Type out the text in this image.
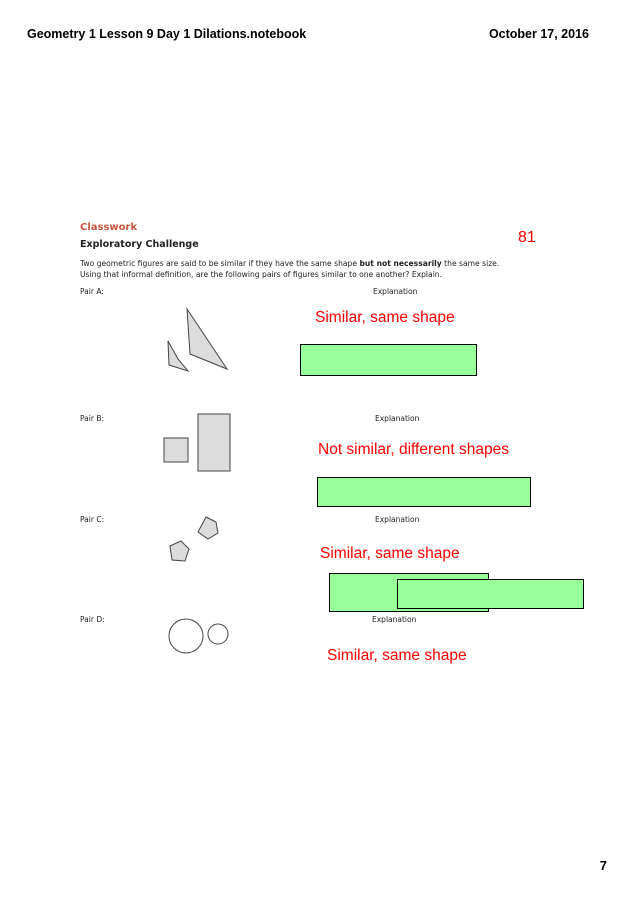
Geometry 1 Lesson 9 Day 1 Dilations.notebook	October 17, 2016
Classwork
Exploratory Challenge
Two geometric figures are said to be similar if they have the same shape but not necessarily the same size. Using that informal definition, are the following pairs of figures similar to one another? Explain.
81
Pair A:
Pair B:
Pair C:
Pair D:
Explanation
Explanation
Explanation
Explanation
Similar, same shape
Not similar, different shapes
Similar, same shape
Similar, same shape
7
